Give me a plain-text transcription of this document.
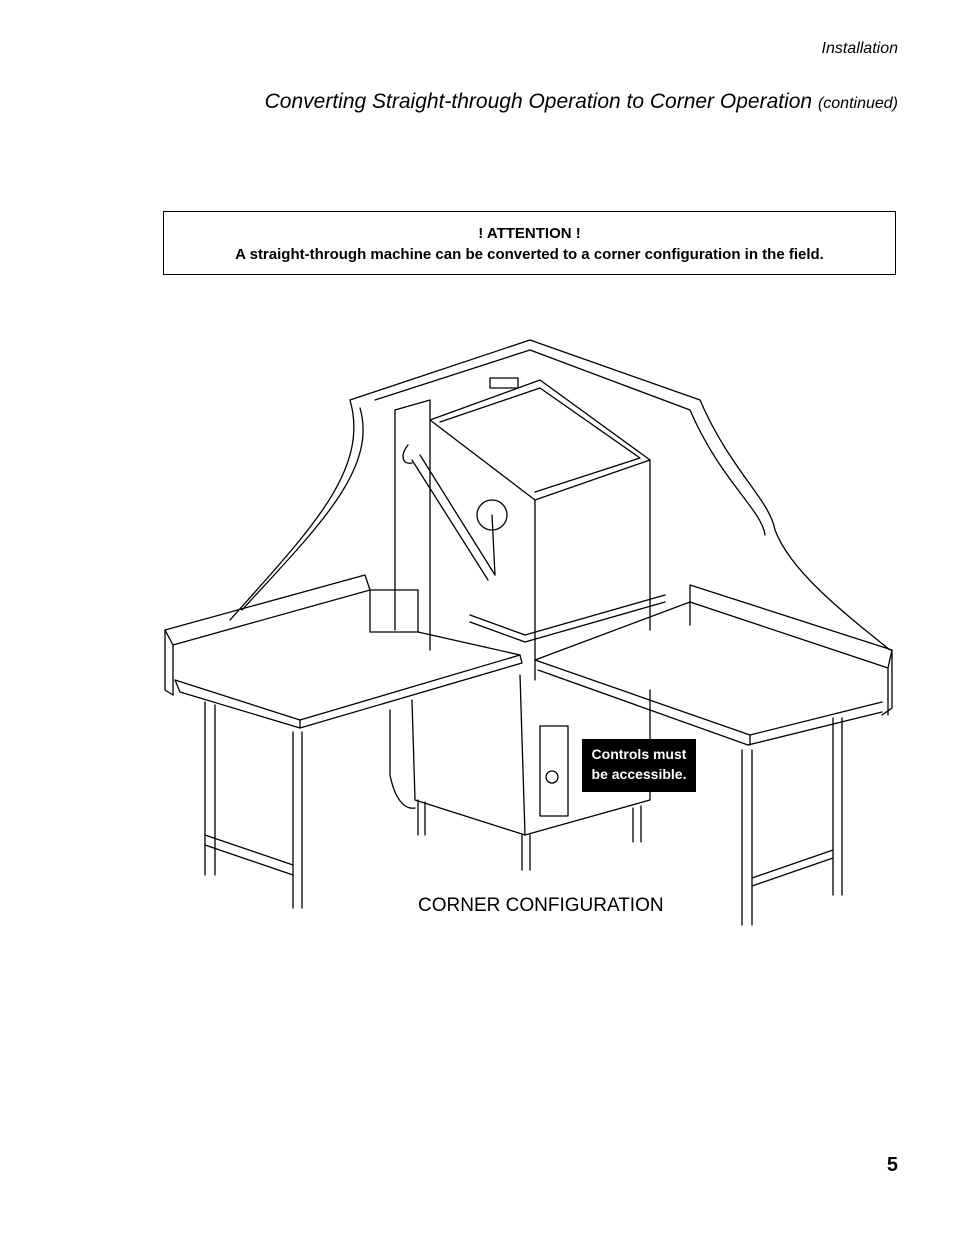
Installation
Converting Straight-through Operation to Corner Operation (continued)
! ATTENTION !
A straight-through machine can be converted to a corner configuration in the field.
Controls must
be accessible.
CORNER CONFIGURATION
5
